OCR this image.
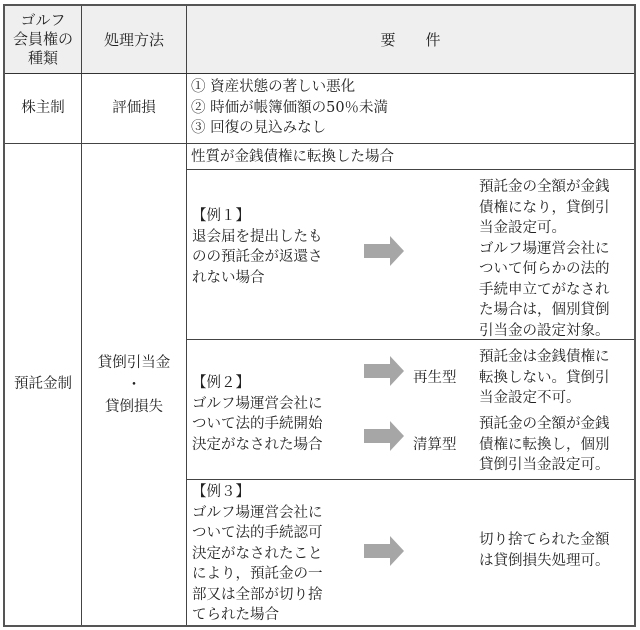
ゴルフ
会員権の
種類
処理方法	要　　件
株主制	評価損
① 資産状態の著しい悪化
② 時価が帳簿価額の50％未満
③ 回復の見込みなし
預託金制
貸倒引当金
・
貸倒損失
性質が金銭債権に転換した場合
【例１】
退会届を提出したも
のの預託金が返還さ
れない場合
預託金の全額が金銭
債権になり，貸倒引
当金設定可。
ゴルフ場運営会社に
ついて何らかの法的
手続申立てがなされ
た場合は，個別貸倒
引当金の設定対象。
【例２】
ゴルフ場運営会社に
ついて法的手続開始
決定がなされた場合
再生型
預託金は金銭債権に
転換しない。貸倒引
当金設定不可。
清算型
預託金の全額が金銭
債権に転換し，個別
貸倒引当金設定可。
【例３】
ゴルフ場運営会社に
ついて法的手続認可
決定がなされたこと
により，預託金の一
部又は全部が切り捨
てられた場合
切り捨てられた金額
は貸倒損失処理可。
